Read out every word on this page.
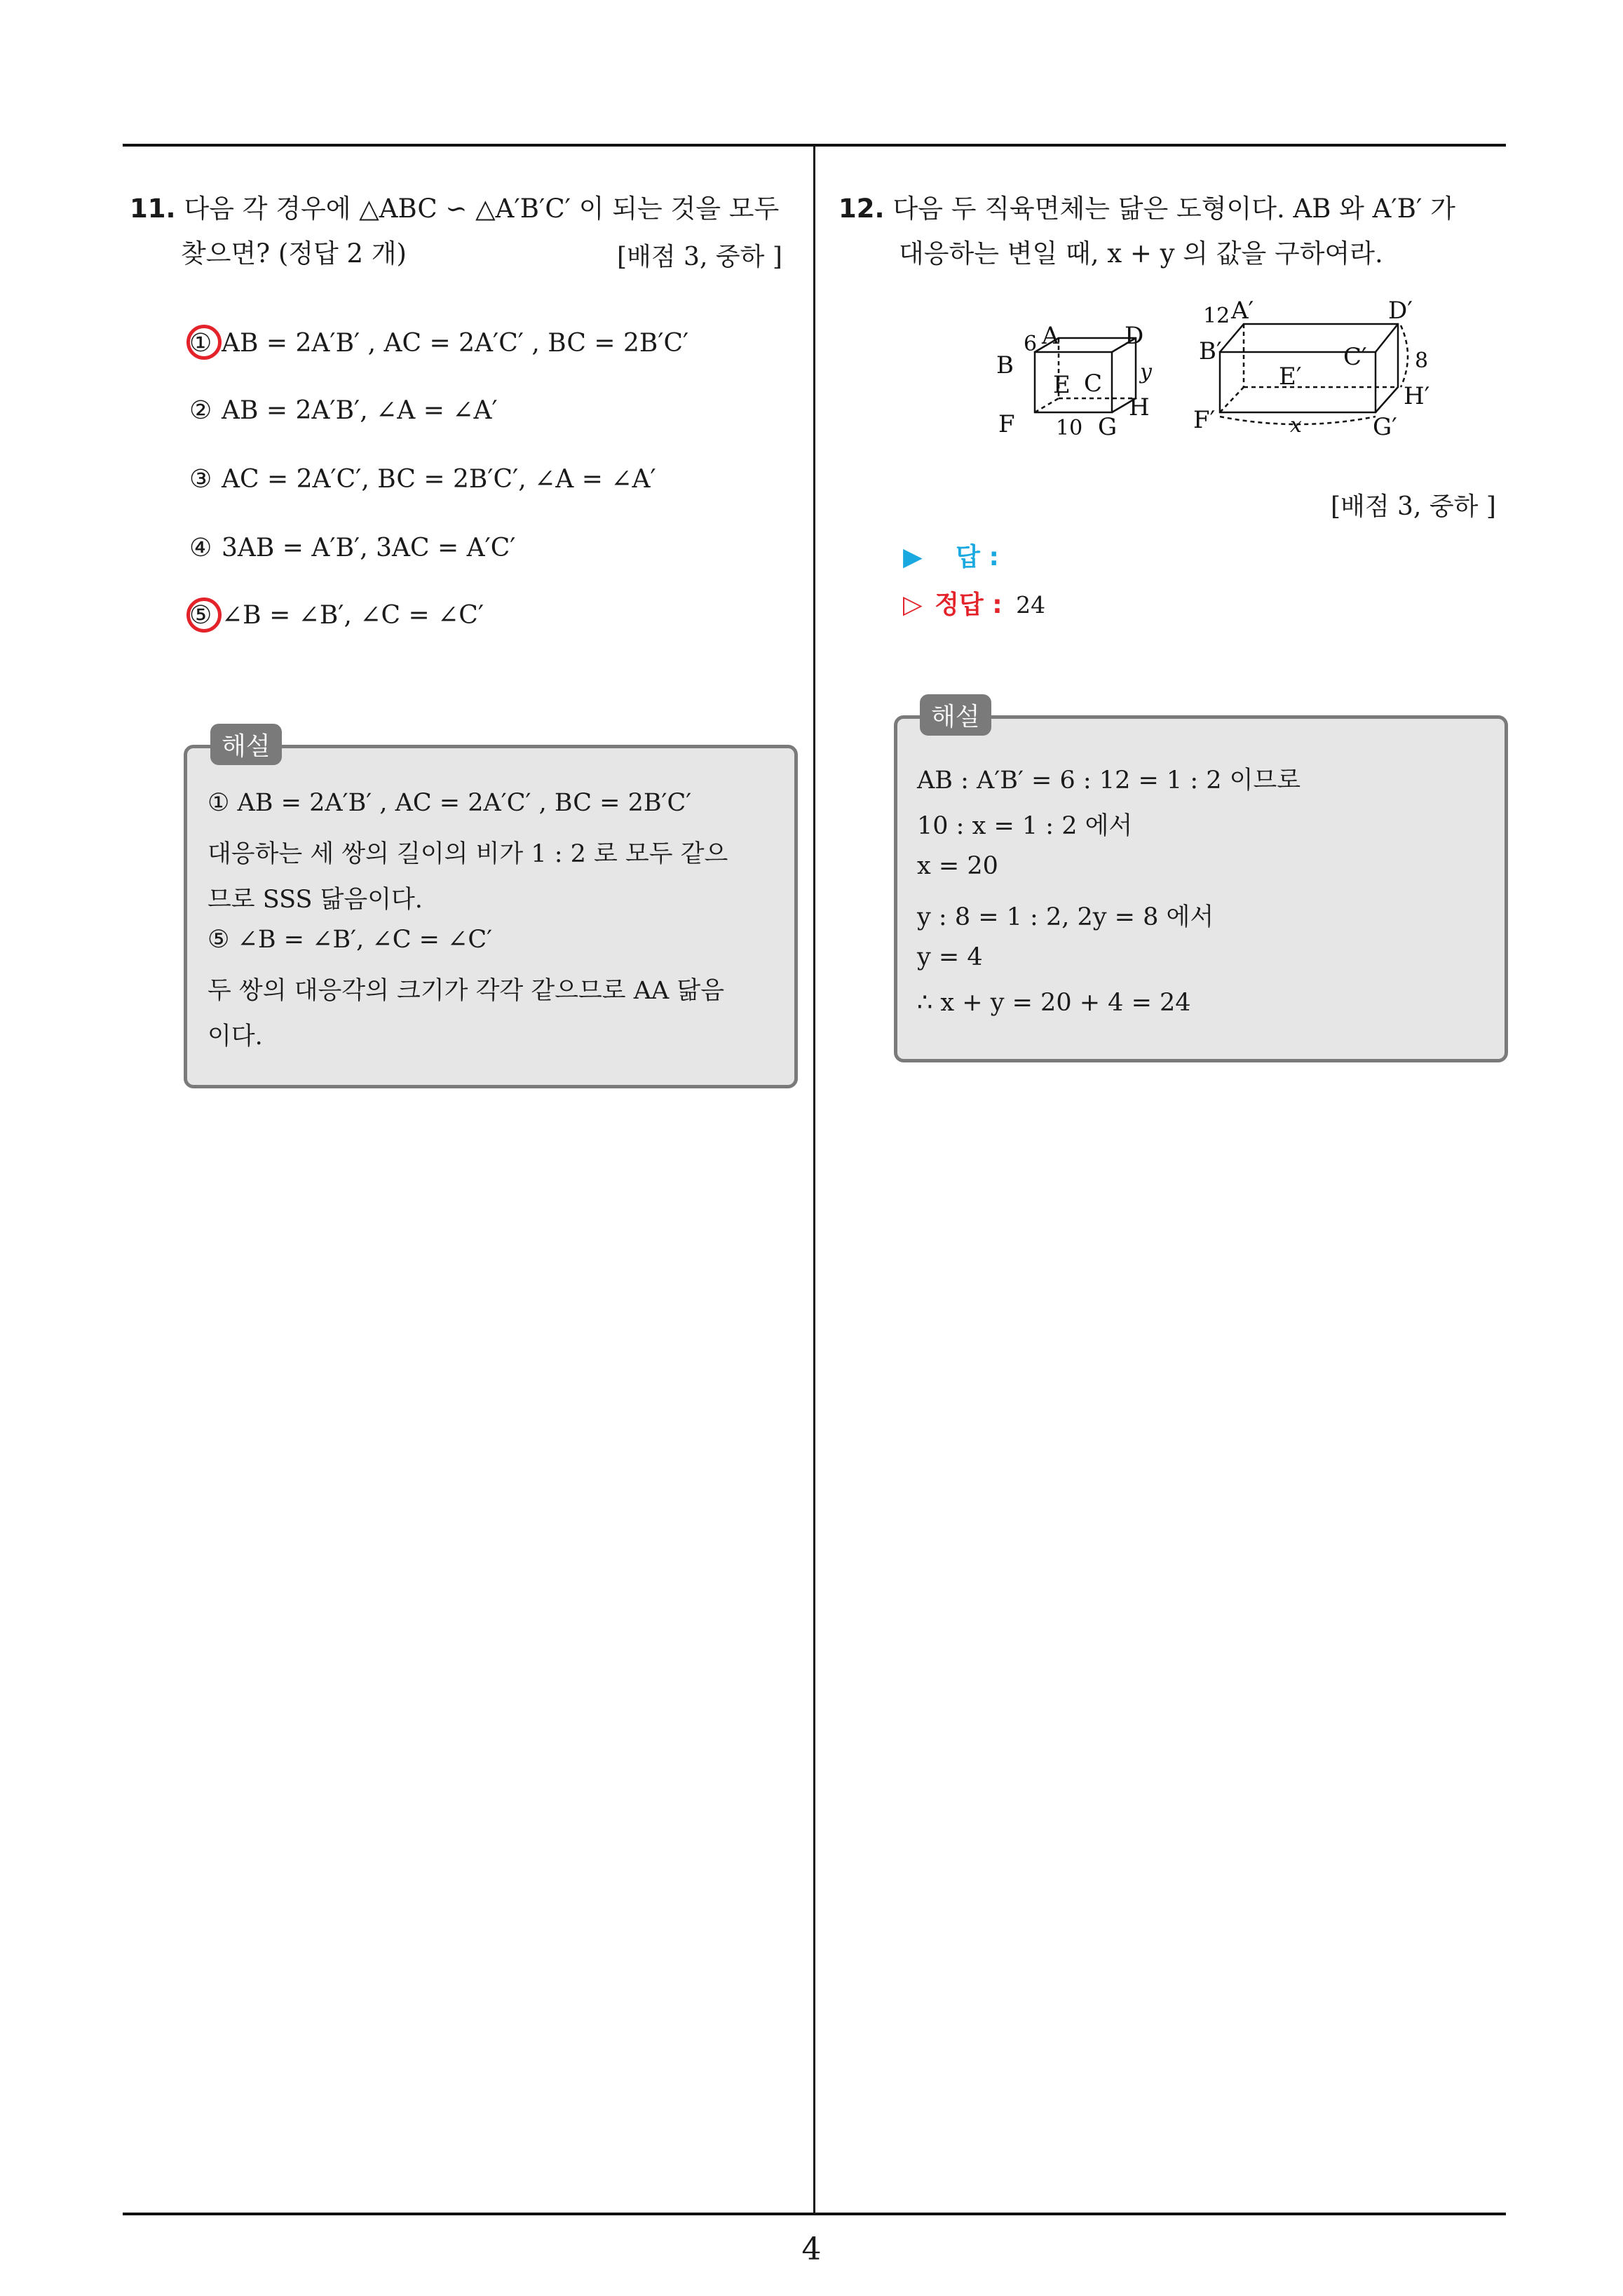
11. 다음 각 경우에 △ABC ∽ △A′B′C′ 이 되는 것을 모두
찾으면? (정답 2 개)	[배점 3, 중하 ]
① AB = 2A′B′ , AC = 2A′C′ , BC = 2B′C′
② AB = 2A′B′, ∠A = ∠A′
③ AC = 2A′C′, BC = 2B′C′, ∠A = ∠A′
④ 3AB = A′B′, 3AC = A′C′
⑤ ∠B = ∠B′, ∠C = ∠C′
해설
① AB = 2A′B′ , AC = 2A′C′ , BC = 2B′C′
대응하는 세 쌍의 길이의 비가 1 : 2 로 모두 같으
므로 SSS 닮음이다.
⑤ ∠B = ∠B′, ∠C = ∠C′
두 쌍의 대응각의 크기가 각각 같으므로 AA 닮음
이다.
12. 다음 두 직육면체는 닮은 도형이다. AB 와 A′B′ 가
대응하는 변일 때, x + y 의 값을 구하여라.
B
6 A	D
y
E C
H
F 10 G
12 A′	D′
B′	C′ 8
E′
H′
F′	x	G′
[배점 3, 중하 ]
▶ 답 :
▷ 정답 : 24
해설
AB : A′B′ = 6 : 12 = 1 : 2 이므로
10 : x = 1 : 2 에서
x = 20
y : 8 = 1 : 2, 2y = 8 에서
y = 4
∴ x + y = 20 + 4 = 24
4
